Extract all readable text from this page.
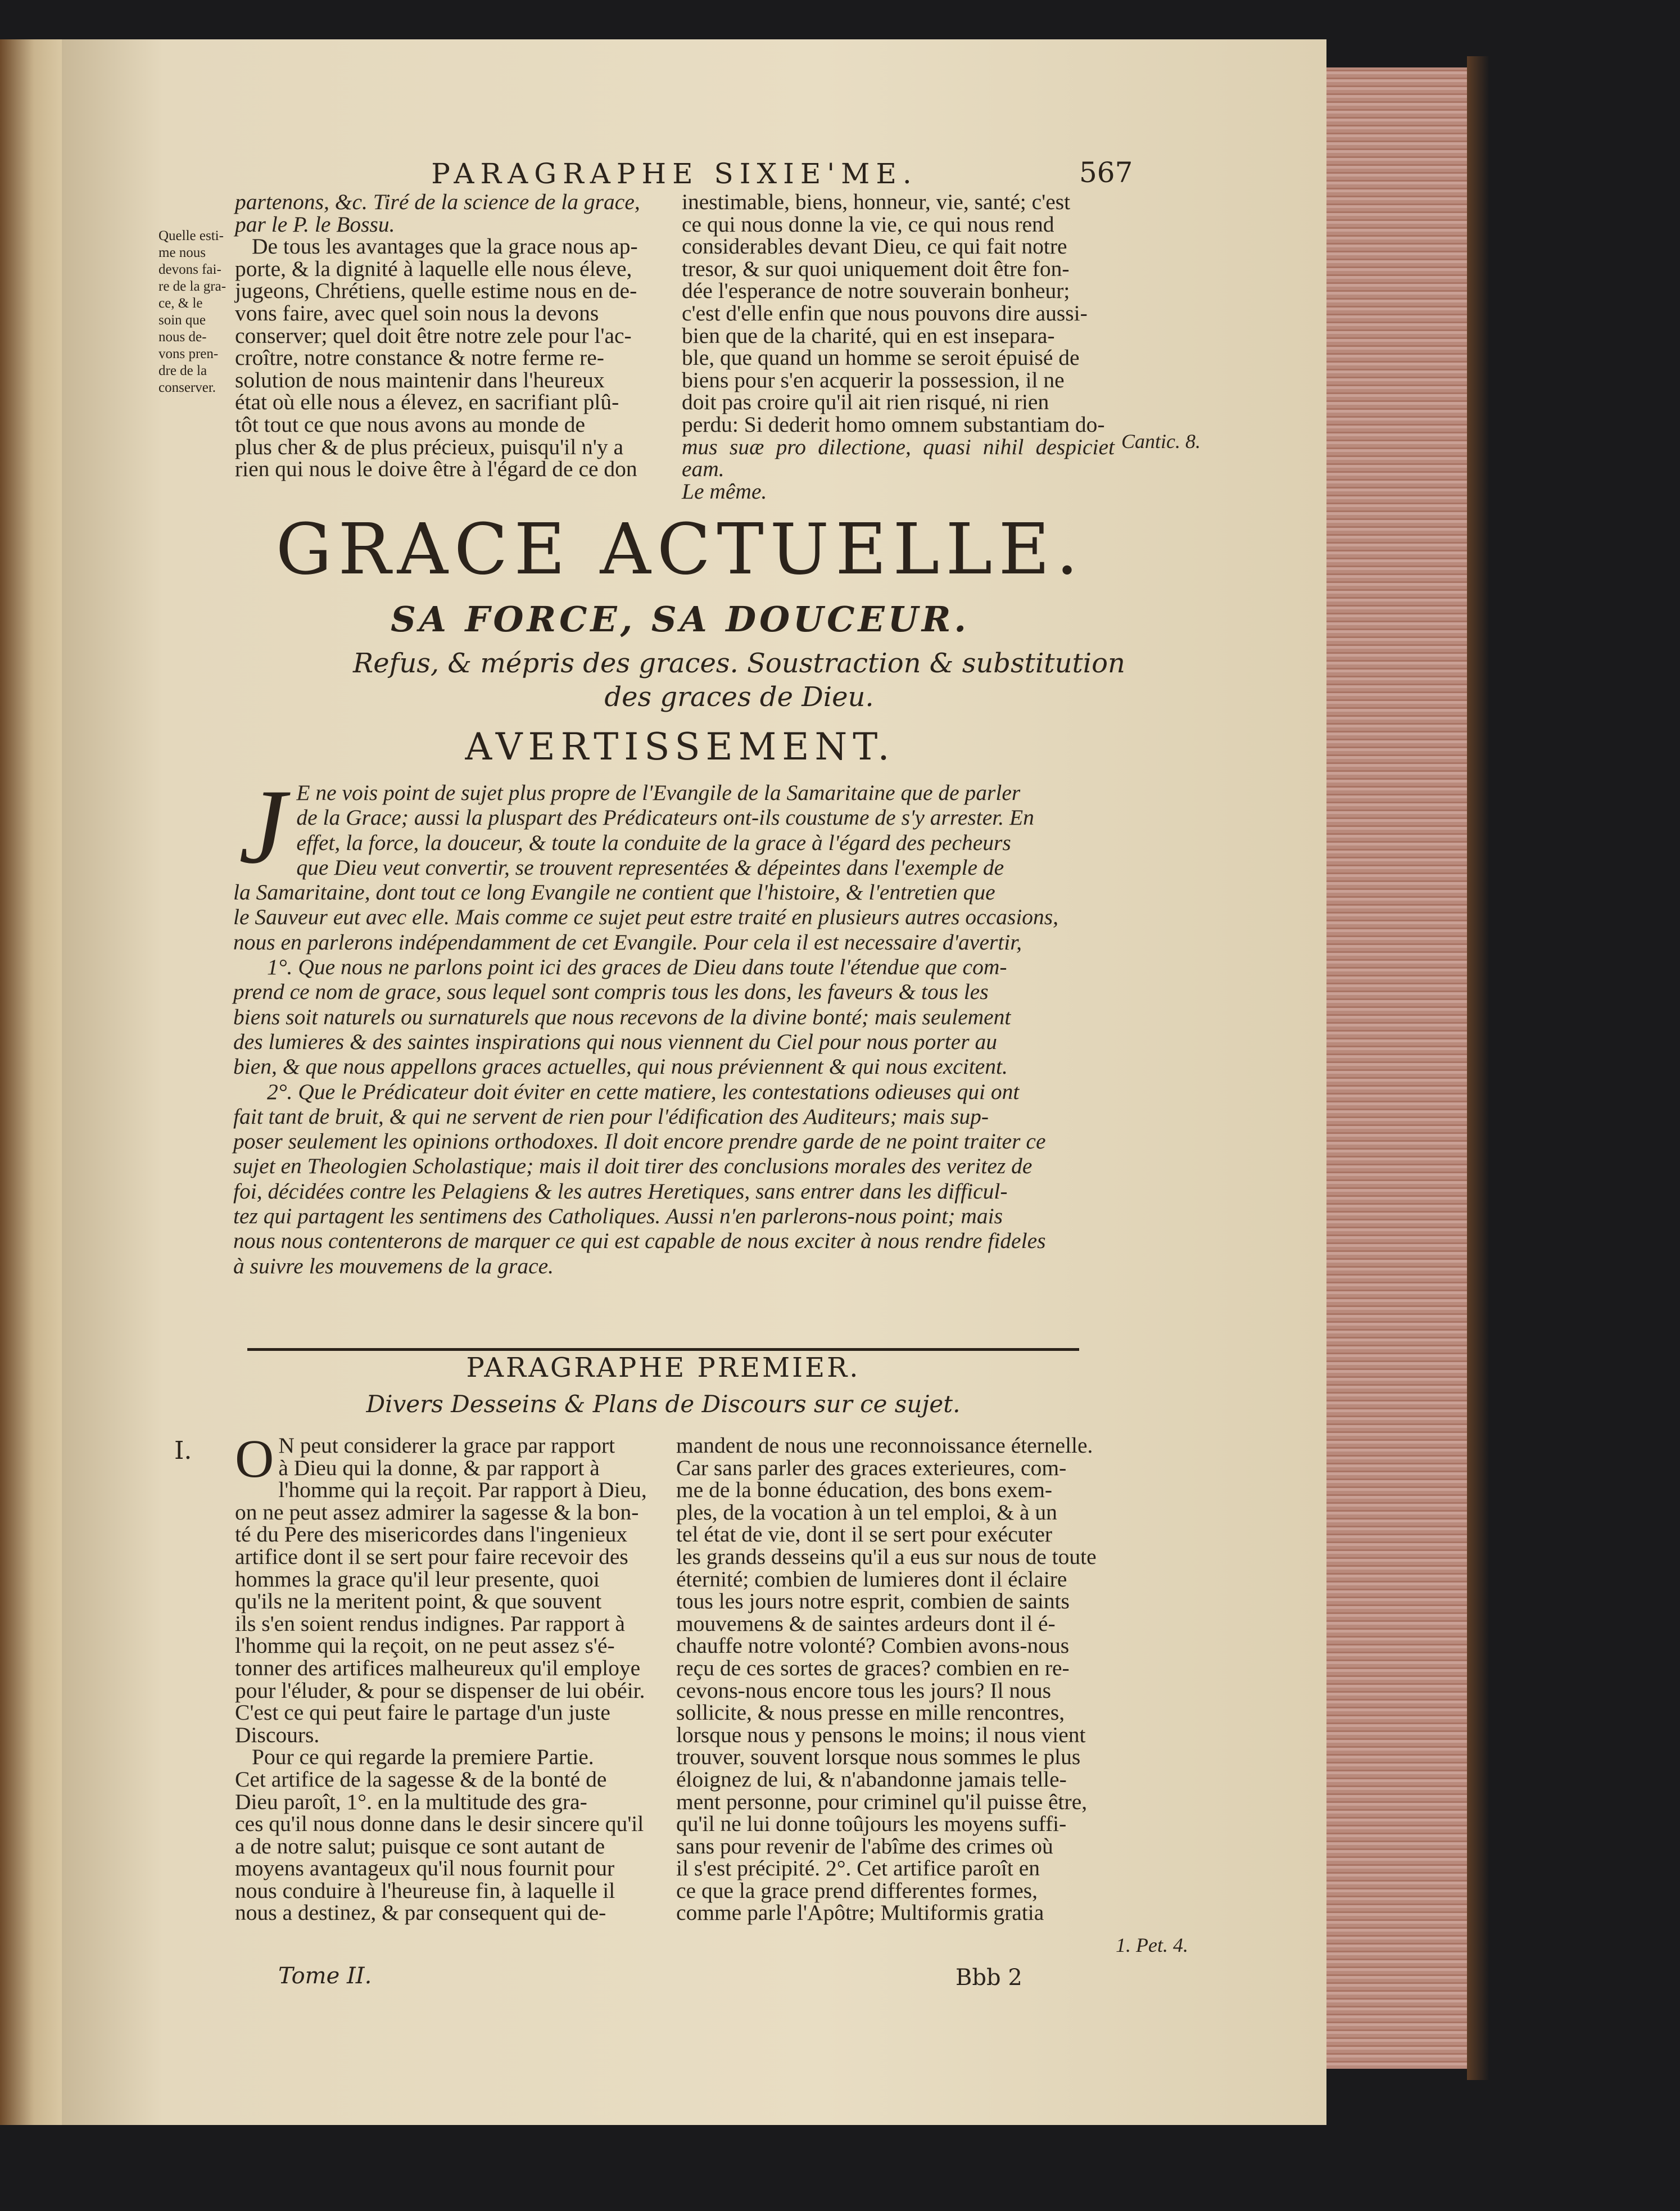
PARAGRAPHE SIXIE'ME.	567

partenons, &c. Tiré de la science de la grace,

par le P. le Bossu.

De tous les avantages que la grace nous ap-

porte, & la dignité à laquelle elle nous éleve,

jugeons, Chrétiens, quelle estime nous en de-

vons faire, avec quel soin nous la devons

conserver; quel doit être notre zele pour l'ac-

croître, notre constance & notre ferme re-

solution de nous maintenir dans l'heureux

état où elle nous a élevez, en sacrifiant plû-

tôt tout ce que nous avons au monde de

plus cher & de plus précieux, puisqu'il n'y a

rien qui nous le doive être à l'égard de ce don

inestimable, biens, honneur, vie, santé; c'est

ce qui nous donne la vie, ce qui nous rend

considerables devant Dieu, ce qui fait notre

tresor, & sur quoi uniquement doit être fon-

dée l'esperance de notre souverain bonheur;

c'est d'elle enfin que nous pouvons dire aussi-

bien que de la charité, qui en est insepara-

ble, que quand un homme se seroit épuisé de

biens pour s'en acquerir la possession, il ne

doit pas croire qu'il ait rien risqué, ni rien

perdu: Si dederit homo omnem substantiam do-

mus suæ pro dilectione, quasi nihil despiciet eam.

Le même.

Quelle esti-
me nous
devons fai-
re de la gra-
ce, & le
soin que
nous de-
vons pren-
dre de la
conserver.
Cantic. 8.
GRACE ACTUELLE.
SA FORCE, SA DOUCEUR.
Refus, & mépris des graces. Soustraction & substitution
des graces de Dieu.
AVERTISSEMENT.
J E ne vois point de sujet plus propre de l'Evangile de la Samaritaine que de parler

de la Grace; aussi la pluspart des Prédicateurs ont-ils coustume de s'y arrester. En

effet, la force, la douceur, & toute la conduite de la grace à l'égard des pecheurs

que Dieu veut convertir, se trouvent representées & dépeintes dans l'exemple de

la Samaritaine, dont tout ce long Evangile ne contient que l'histoire, & l'entretien que

le Sauveur eut avec elle. Mais comme ce sujet peut estre traité en plusieurs autres occasions,

nous en parlerons indépendamment de cet Evangile. Pour cela il est necessaire d'avertir,

1°. Que nous ne parlons point ici des graces de Dieu dans toute l'étendue que com-

prend ce nom de grace, sous lequel sont compris tous les dons, les faveurs & tous les

biens soit naturels ou surnaturels que nous recevons de la divine bonté; mais seulement

des lumieres & des saintes inspirations qui nous viennent du Ciel pour nous porter au

bien, & que nous appellons graces actuelles, qui nous préviennent & qui nous excitent.

2°. Que le Prédicateur doit éviter en cette matiere, les contestations odieuses qui ont

fait tant de bruit, & qui ne servent de rien pour l'édification des Auditeurs; mais sup-

poser seulement les opinions orthodoxes. Il doit encore prendre garde de ne point traiter ce

sujet en Theologien Scholastique; mais il doit tirer des conclusions morales des veritez de

foi, décidées contre les Pelagiens & les autres Heretiques, sans entrer dans les difficul-

tez qui partagent les sentimens des Catholiques. Aussi n'en parlerons-nous point; mais

nous nous contenterons de marquer ce qui est capable de nous exciter à nous rendre fideles

à suivre les mouvemens de la grace.

PARAGRAPHE PREMIER.
Divers Desseins & Plans de Discours sur ce sujet.
I. O N peut considerer la grace par rapport

à Dieu qui la donne, & par rapport à

l'homme qui la reçoit. Par rapport à Dieu,

on ne peut assez admirer la sagesse & la bon-

té du Pere des misericordes dans l'ingenieux

artifice dont il se sert pour faire recevoir des

hommes la grace qu'il leur presente, quoi

qu'ils ne la meritent point, & que souvent

ils s'en soient rendus indignes. Par rapport à

l'homme qui la reçoit, on ne peut assez s'é-

tonner des artifices malheureux qu'il employe

pour l'éluder, & pour se dispenser de lui obéir.

C'est ce qui peut faire le partage d'un juste

Discours.

Pour ce qui regarde la premiere Partie.

Cet artifice de la sagesse & de la bonté de

Dieu paroît, 1°. en la multitude des gra-

ces qu'il nous donne dans le desir sincere qu'il

a de notre salut; puisque ce sont autant de

moyens avantageux qu'il nous fournit pour

nous conduire à l'heureuse fin, à laquelle il

nous a destinez, & par consequent qui de-

mandent de nous une reconnoissance éternelle.

Car sans parler des graces exterieures, com-

me de la bonne éducation, des bons exem-

ples, de la vocation à un tel emploi, & à un

tel état de vie, dont il se sert pour exécuter

les grands desseins qu'il a eus sur nous de toute

éternité; combien de lumieres dont il éclaire

tous les jours notre esprit, combien de saints

mouvemens & de saintes ardeurs dont il é-

chauffe notre volonté? Combien avons-nous

reçu de ces sortes de graces? combien en re-

cevons-nous encore tous les jours? Il nous

sollicite, & nous presse en mille rencontres,

lorsque nous y pensons le moins; il nous vient

trouver, souvent lorsque nous sommes le plus

éloignez de lui, & n'abandonne jamais telle-

ment personne, pour criminel qu'il puisse être,

qu'il ne lui donne toûjours les moyens suffi-

sans pour revenir de l'abîme des crimes où

il s'est précipité. 2°. Cet artifice paroît en

ce que la grace prend differentes formes,

comme parle l'Apôtre; Multiformis gratia

1. Pet. 4.
Tome II.	Bbb 2
